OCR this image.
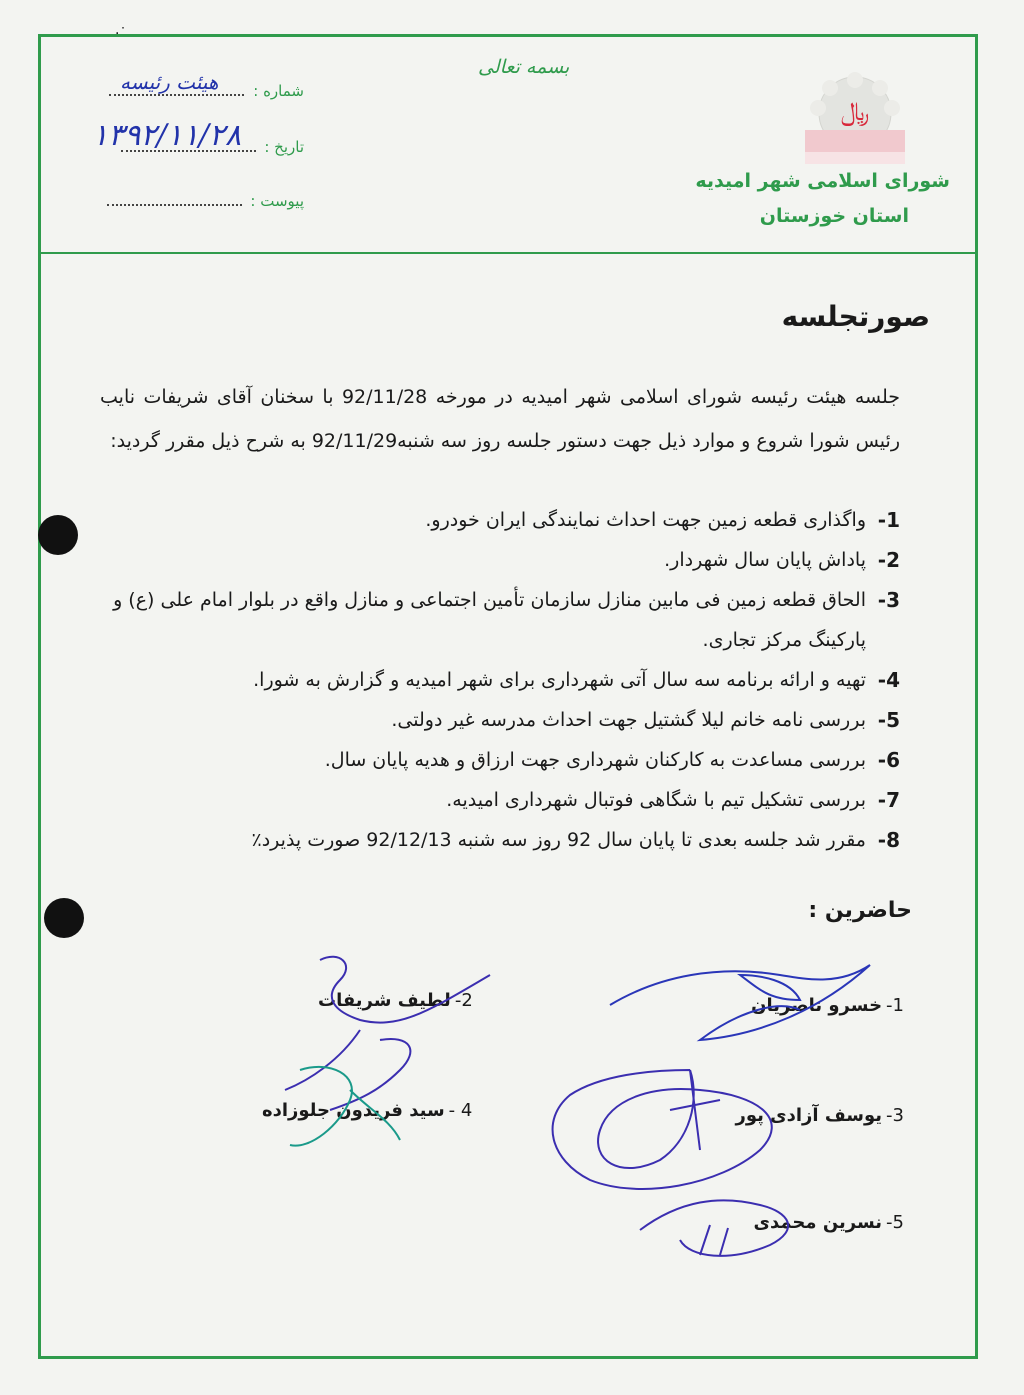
·˙
بسمه تعالی
شماره :
هیئت رئیسه
تاریخ :
۱۳۹۲/۱۱/۲۸
پیوست :
﷼
شورای اسلامی شهر امیدیه
استان خوزستان
صورتجلسه
جلسه هیئت رئیسه شورای اسلامی شهر امیدیه در مورخه 92/11/28 با سخنان آقای شریفات نایب رئیس شورا شروع و موارد ذیل جهت دستور جلسه روز سه شنبه92/11/29 به شرح ذیل مقرر گردید:
1-
واگذاری قطعه زمین جهت احداث نمایندگی ایران خودرو.
2-
پاداش پایان سال شهردار.
3-
الحاق قطعه زمین فی مابین منازل سازمان تأمین اجتماعی و منازل واقع در بلوار امام علی (ع) و پارکینگ مرکز تجاری.
4-
تهیه و ارائه برنامه سه سال آتی شهرداری برای شهر امیدیه و گزارش به شورا.
5-
بررسی نامه خانم لیلا گشتیل جهت احداث مدرسه غیر دولتی.
6-
بررسی مساعدت به کارکنان شهرداری جهت ارزاق و هدیه پایان سال.
7-
بررسی تشکیل تیم با شگاهی فوتبال شهرداری امیدیه.
8-
مقرر شد جلسه بعدی تا پایان سال 92 روز سه شنبه 92/12/13 صورت پذیرد٪
حاضرین :
1-خسرو ناصریان
2-لطیف شریفات
3-یوسف آزادی پور
4 -سید فریدون جلوزاده
5-نسرین محمدی
